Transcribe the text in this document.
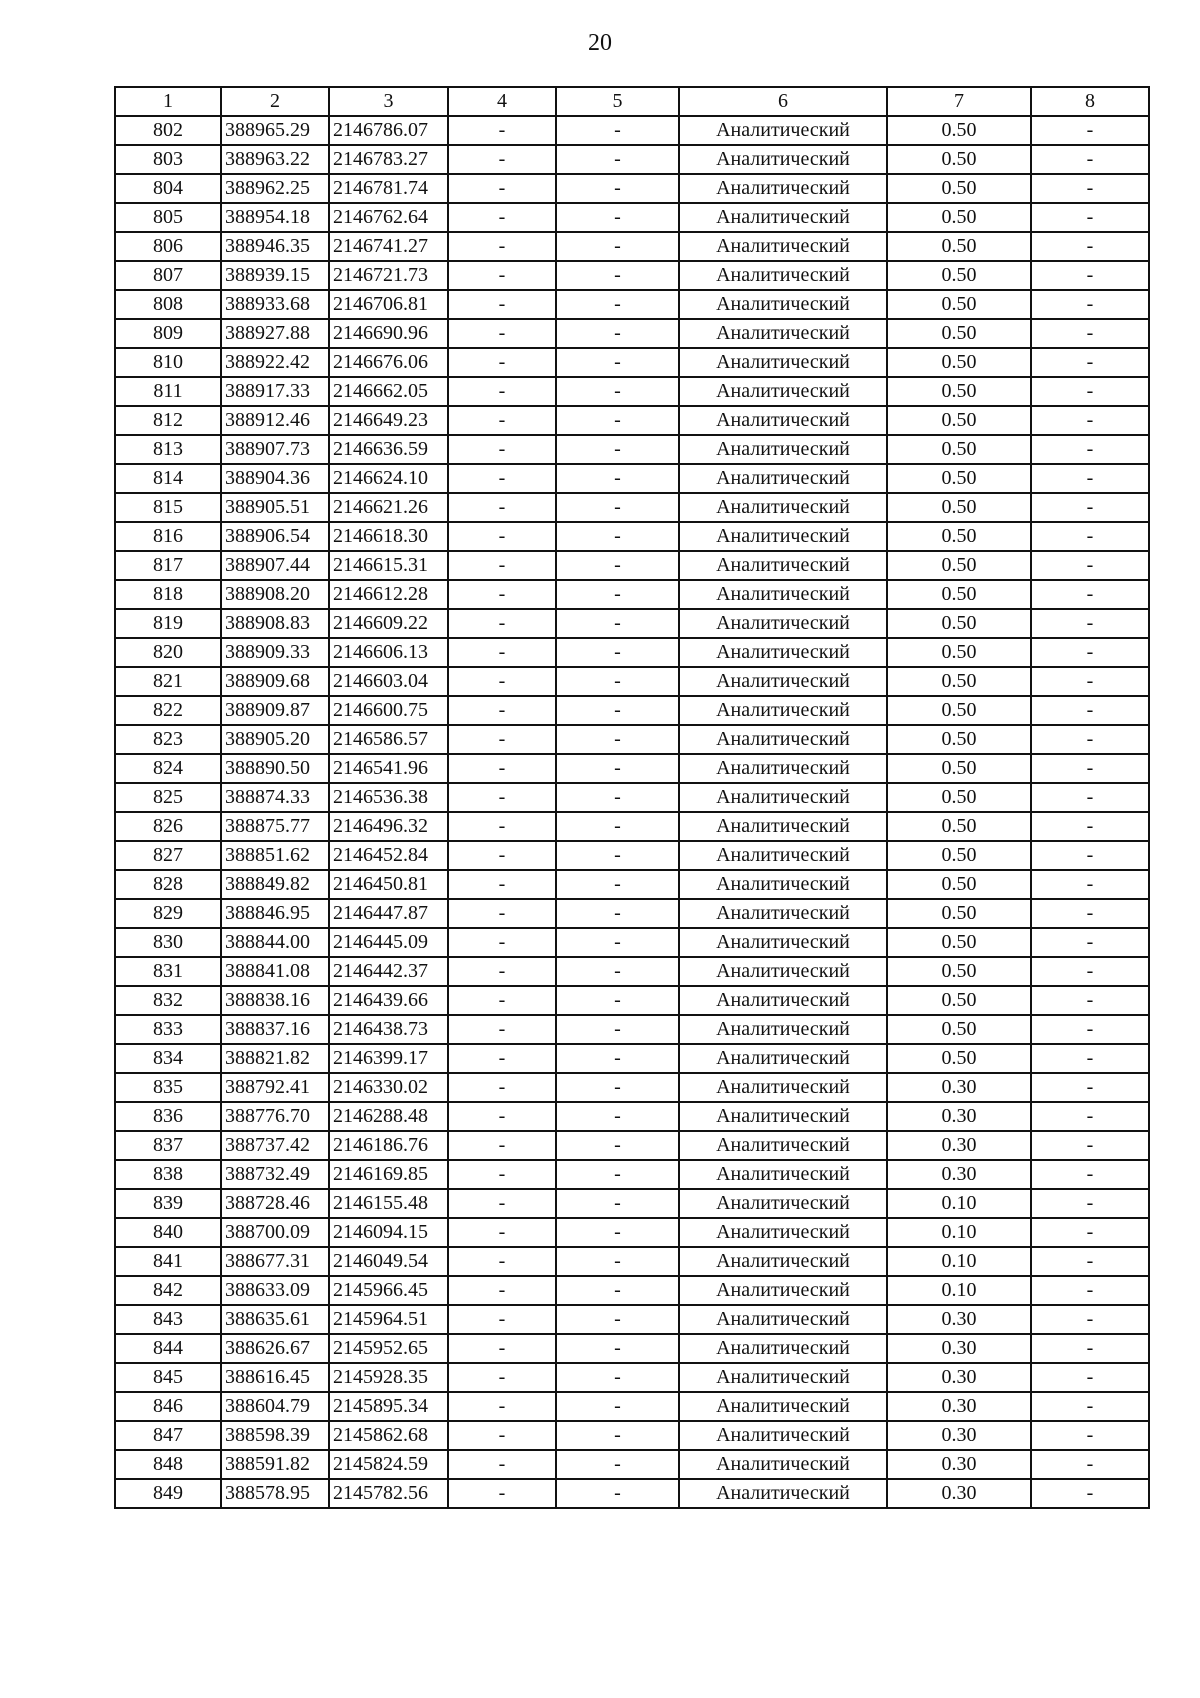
20
1	2	3	4	5	6	7	8
802	388965.29	2146786.07	-	-	Аналитический	0.50	-
803	388963.22	2146783.27	-	-	Аналитический	0.50	-
804	388962.25	2146781.74	-	-	Аналитический	0.50	-
805	388954.18	2146762.64	-	-	Аналитический	0.50	-
806	388946.35	2146741.27	-	-	Аналитический	0.50	-
807	388939.15	2146721.73	-	-	Аналитический	0.50	-
808	388933.68	2146706.81	-	-	Аналитический	0.50	-
809	388927.88	2146690.96	-	-	Аналитический	0.50	-
810	388922.42	2146676.06	-	-	Аналитический	0.50	-
811	388917.33	2146662.05	-	-	Аналитический	0.50	-
812	388912.46	2146649.23	-	-	Аналитический	0.50	-
813	388907.73	2146636.59	-	-	Аналитический	0.50	-
814	388904.36	2146624.10	-	-	Аналитический	0.50	-
815	388905.51	2146621.26	-	-	Аналитический	0.50	-
816	388906.54	2146618.30	-	-	Аналитический	0.50	-
817	388907.44	2146615.31	-	-	Аналитический	0.50	-
818	388908.20	2146612.28	-	-	Аналитический	0.50	-
819	388908.83	2146609.22	-	-	Аналитический	0.50	-
820	388909.33	2146606.13	-	-	Аналитический	0.50	-
821	388909.68	2146603.04	-	-	Аналитический	0.50	-
822	388909.87	2146600.75	-	-	Аналитический	0.50	-
823	388905.20	2146586.57	-	-	Аналитический	0.50	-
824	388890.50	2146541.96	-	-	Аналитический	0.50	-
825	388874.33	2146536.38	-	-	Аналитический	0.50	-
826	388875.77	2146496.32	-	-	Аналитический	0.50	-
827	388851.62	2146452.84	-	-	Аналитический	0.50	-
828	388849.82	2146450.81	-	-	Аналитический	0.50	-
829	388846.95	2146447.87	-	-	Аналитический	0.50	-
830	388844.00	2146445.09	-	-	Аналитический	0.50	-
831	388841.08	2146442.37	-	-	Аналитический	0.50	-
832	388838.16	2146439.66	-	-	Аналитический	0.50	-
833	388837.16	2146438.73	-	-	Аналитический	0.50	-
834	388821.82	2146399.17	-	-	Аналитический	0.50	-
835	388792.41	2146330.02	-	-	Аналитический	0.30	-
836	388776.70	2146288.48	-	-	Аналитический	0.30	-
837	388737.42	2146186.76	-	-	Аналитический	0.30	-
838	388732.49	2146169.85	-	-	Аналитический	0.30	-
839	388728.46	2146155.48	-	-	Аналитический	0.10	-
840	388700.09	2146094.15	-	-	Аналитический	0.10	-
841	388677.31	2146049.54	-	-	Аналитический	0.10	-
842	388633.09	2145966.45	-	-	Аналитический	0.10	-
843	388635.61	2145964.51	-	-	Аналитический	0.30	-
844	388626.67	2145952.65	-	-	Аналитический	0.30	-
845	388616.45	2145928.35	-	-	Аналитический	0.30	-
846	388604.79	2145895.34	-	-	Аналитический	0.30	-
847	388598.39	2145862.68	-	-	Аналитический	0.30	-
848	388591.82	2145824.59	-	-	Аналитический	0.30	-
849	388578.95	2145782.56	-	-	Аналитический	0.30	-
